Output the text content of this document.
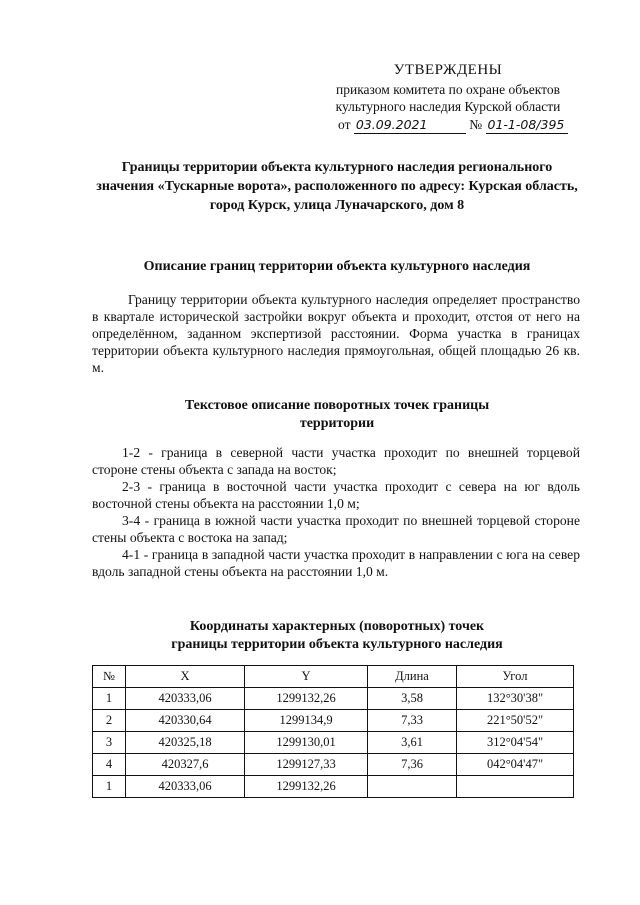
УТВЕРЖДЕНЫ
приказом комитета по охране объектов
культурного наследия Курской области
от 03.09.2021	№ 01-1-08/395
Границы территории объекта культурного наследия регионального значения «Тускарные ворота», расположенного по адресу: Курская область, город Курск, улица Луначарского, дом 8
Описание границ территории объекта культурного наследия

Границу территории объекта культурного наследия определяет пространство в квартале исторической застройки вокруг объекта и проходит, отстоя от него на определённом, заданном экспертизой расстоянии. Форма участка в границах территории объекта культурного наследия прямоугольная, общей площадью 26 кв. м.

Текстовое описание поворотных точек границы
территории

1-2 - граница в северной части участка проходит по внешней торцевой стороне стены объекта с запада на восток;

2-3 - граница в восточной части участка проходит с севера на юг вдоль восточной стены объекта на расстоянии 1,0 м;

3-4 - граница в южной части участка проходит по внешней торцевой стороне стены объекта с востока на запад;

4-1 - граница в западной части участка проходит в направлении с юга на север вдоль западной стены объекта на расстоянии 1,0 м.

Координаты характерных (поворотных) точек
границы территории объекта культурного наследия
№	X	Y	Длина	Угол
1	420333,06	1299132,26	3,58	132°30'38"
2	420330,64	1299134,9	7,33	221°50'52"
3	420325,18	1299130,01	3,61	312°04'54"
4	420327,6	1299127,33	7,36	042°04'47"
1	420333,06	1299132,26		
